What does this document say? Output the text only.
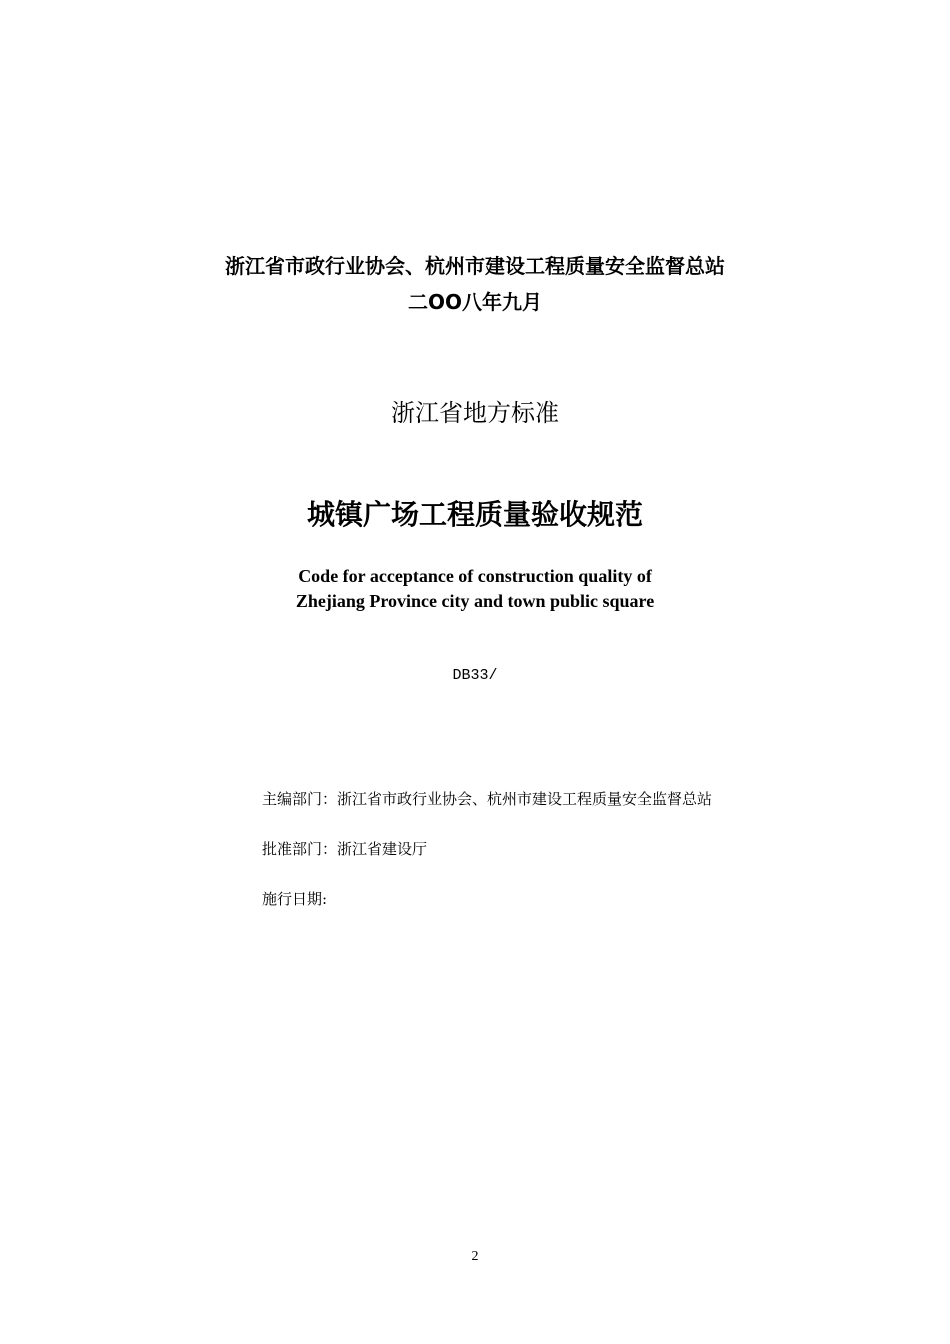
浙江省市政行业协会、杭州市建设工程质量安全监督总站
二OO八年九月
浙江省地方标准
城镇广场工程质量验收规范
Code for acceptance of construction quality of
Zhejiang Province city and town public square
DB33/
主编部门：浙江省市政行业协会、杭州市建设工程质量安全监督总站
批准部门：浙江省建设厅
施行日期:
2
